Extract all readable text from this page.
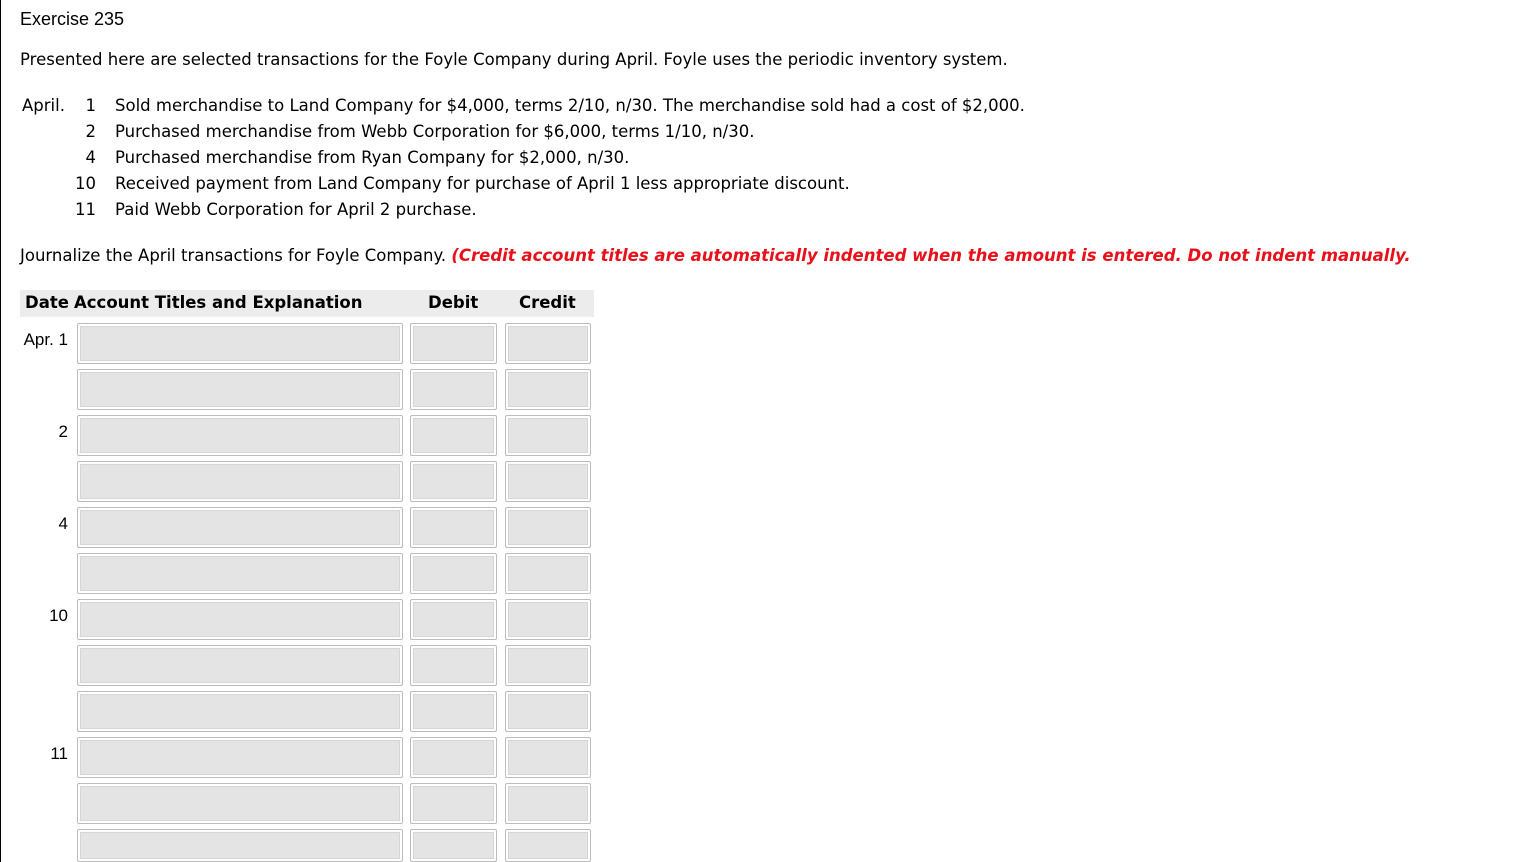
Exercise 235
Presented here are selected transactions for the Foyle Company during April. Foyle uses the periodic inventory system.
April. 1 Sold merchandise to Land Company for $4,000, terms 2/10, n/30. The merchandise sold had a cost of $2,000.
2 Purchased merchandise from Webb Corporation for $6,000, terms 1/10, n/30.
4 Purchased merchandise from Ryan Company for $2,000, n/30.
10 Received payment from Land Company for purchase of April 1 less appropriate discount.
11 Paid Webb Corporation for April 2 purchase.
Journalize the April transactions for Foyle Company. (Credit account titles are automatically indented when the amount is entered. Do not indent manually.
Date Account Titles and Explanation	Debit Credit
Apr. 1
2
4
10
11
